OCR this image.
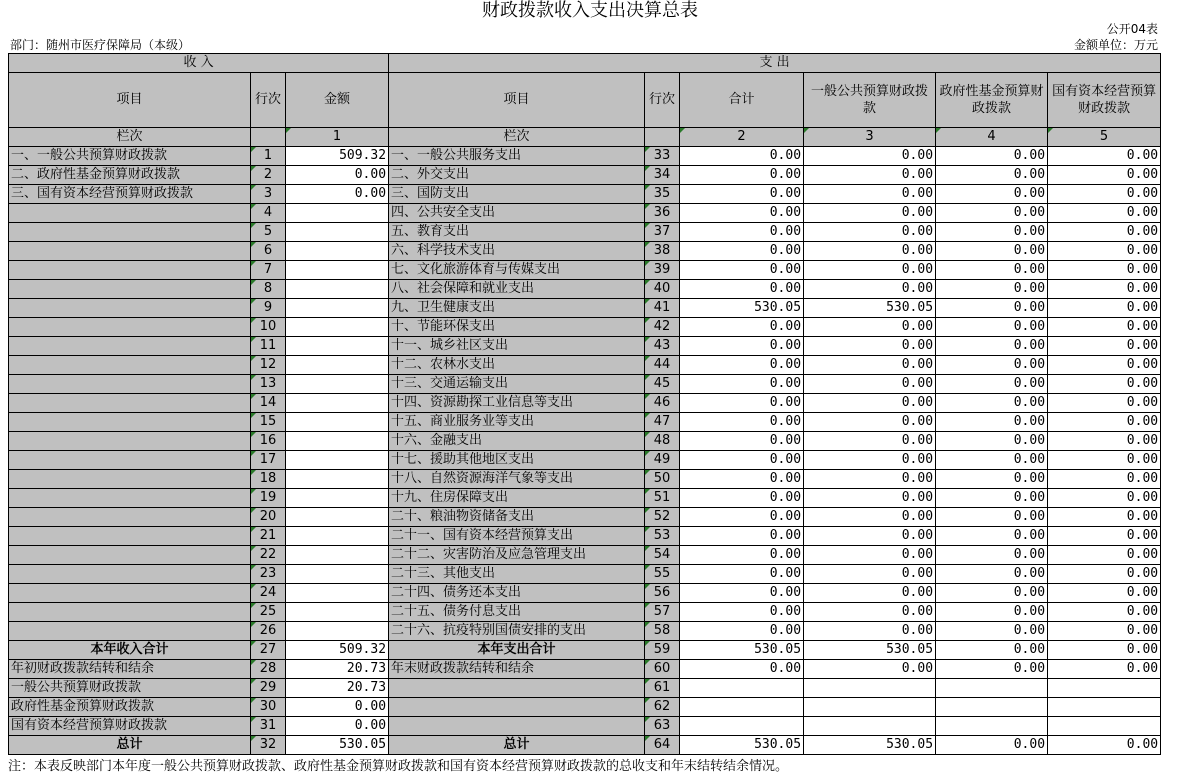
财政拨款收入支出决算总表
公开04表
部门：随州市医疗保障局（本级）	金额单位：万元
收 入			支 出					
项目	行次	金额	项目	行次	合计	一般公共预算财政拨款	政府性基金预算财政拨款	国有资本经营预算财政拨款
栏次		1	栏次		2	3	4	5
一、一般公共预算财政拨款	1	509.32	一、一般公共服务支出	33	0.00	0.00	0.00	0.00
二、政府性基金预算财政拨款	2	0.00	二、外交支出	34	0.00	0.00	0.00	0.00
三、国有资本经营预算财政拨款	3	0.00	三、国防支出	35	0.00	0.00	0.00	0.00
	4		四、公共安全支出	36	0.00	0.00	0.00	0.00
	5		五、教育支出	37	0.00	0.00	0.00	0.00
	6		六、科学技术支出	38	0.00	0.00	0.00	0.00
	7		七、文化旅游体育与传媒支出	39	0.00	0.00	0.00	0.00
	8		八、社会保障和就业支出	40	0.00	0.00	0.00	0.00
	9		九、卫生健康支出	41	530.05	530.05	0.00	0.00
	10		十、节能环保支出	42	0.00	0.00	0.00	0.00
	11		十一、城乡社区支出	43	0.00	0.00	0.00	0.00
	12		十二、农林水支出	44	0.00	0.00	0.00	0.00
	13		十三、交通运输支出	45	0.00	0.00	0.00	0.00
	14		十四、资源勘探工业信息等支出	46	0.00	0.00	0.00	0.00
	15		十五、商业服务业等支出	47	0.00	0.00	0.00	0.00
	16		十六、金融支出	48	0.00	0.00	0.00	0.00
	17		十七、援助其他地区支出	49	0.00	0.00	0.00	0.00
	18		十八、自然资源海洋气象等支出	50	0.00	0.00	0.00	0.00
	19		十九、住房保障支出	51	0.00	0.00	0.00	0.00
	20		二十、粮油物资储备支出	52	0.00	0.00	0.00	0.00
	21		二十一、国有资本经营预算支出	53	0.00	0.00	0.00	0.00
	22		二十二、灾害防治及应急管理支出	54	0.00	0.00	0.00	0.00
	23		二十三、其他支出	55	0.00	0.00	0.00	0.00
	24		二十四、债务还本支出	56	0.00	0.00	0.00	0.00
	25		二十五、债务付息支出	57	0.00	0.00	0.00	0.00
	26		二十六、抗疫特别国债安排的支出	58	0.00	0.00	0.00	0.00
本年收入合计	27	509.32	本年支出合计	59	530.05	530.05	0.00	0.00
年初财政拨款结转和结余	28	20.73	年末财政拨款结转和结余	60	0.00	0.00	0.00	0.00
一般公共预算财政拨款	29	20.73		61				
政府性基金预算财政拨款	30	0.00		62				
国有资本经营预算财政拨款	31	0.00		63				
总计	32	530.05	总计	64	530.05	530.05	0.00	0.00
注：本表反映部门本年度一般公共预算财政拨款、政府性基金预算财政拨款和国有资本经营预算财政拨款的总收支和年末结转结余情况。
